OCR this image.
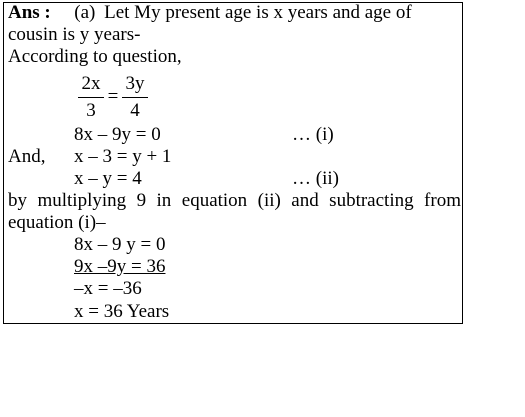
Ans : (a) Let My present age is x years and age of
cousin is y years-
According to question,
2x
3
=
3y
4
8x – 9y = 0	… (i)
And, x – 3 = y + 1
x – y = 4	… (ii)
by multiplying 9 in equation (ii) and subtracting from
equation (i)–
8x – 9 y = 0
9x –9y = 36
–x = –36
x = 36 Years
